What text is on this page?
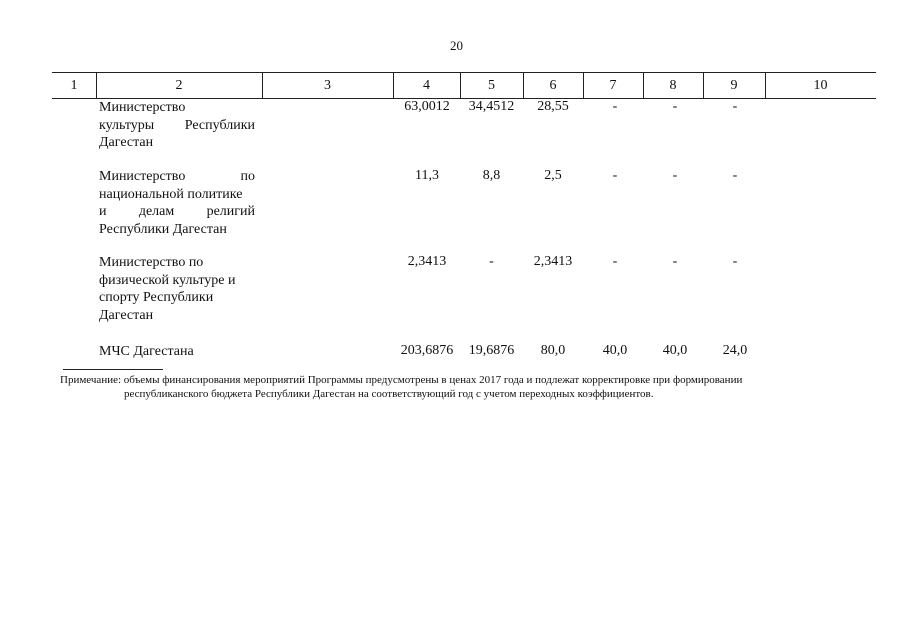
20
1	2	3	4	5	6	7	8	9	10
Министерство
культуры Республики
Дагестан
63,0012	34,4512	28,55	-	-	-
Министерство по
национальной политике
и делам религий
Республики Дагестан
11,3	8,8	2,5	-	-	-
Министерство по
физической культуре и
спорту Республики
Дагестан
2,3413	-	2,3413	-	-	-
МЧС Дагестана	203,6876	19,6876	80,0	40,0	40,0	24,0
Примечание: объемы финансирования мероприятий Программы предусмотрены в ценах 2017 года и подлежат корректировке при формировании
республиканского бюджета Республики Дагестан на соответствующий год с учетом переходных коэффициентов.
